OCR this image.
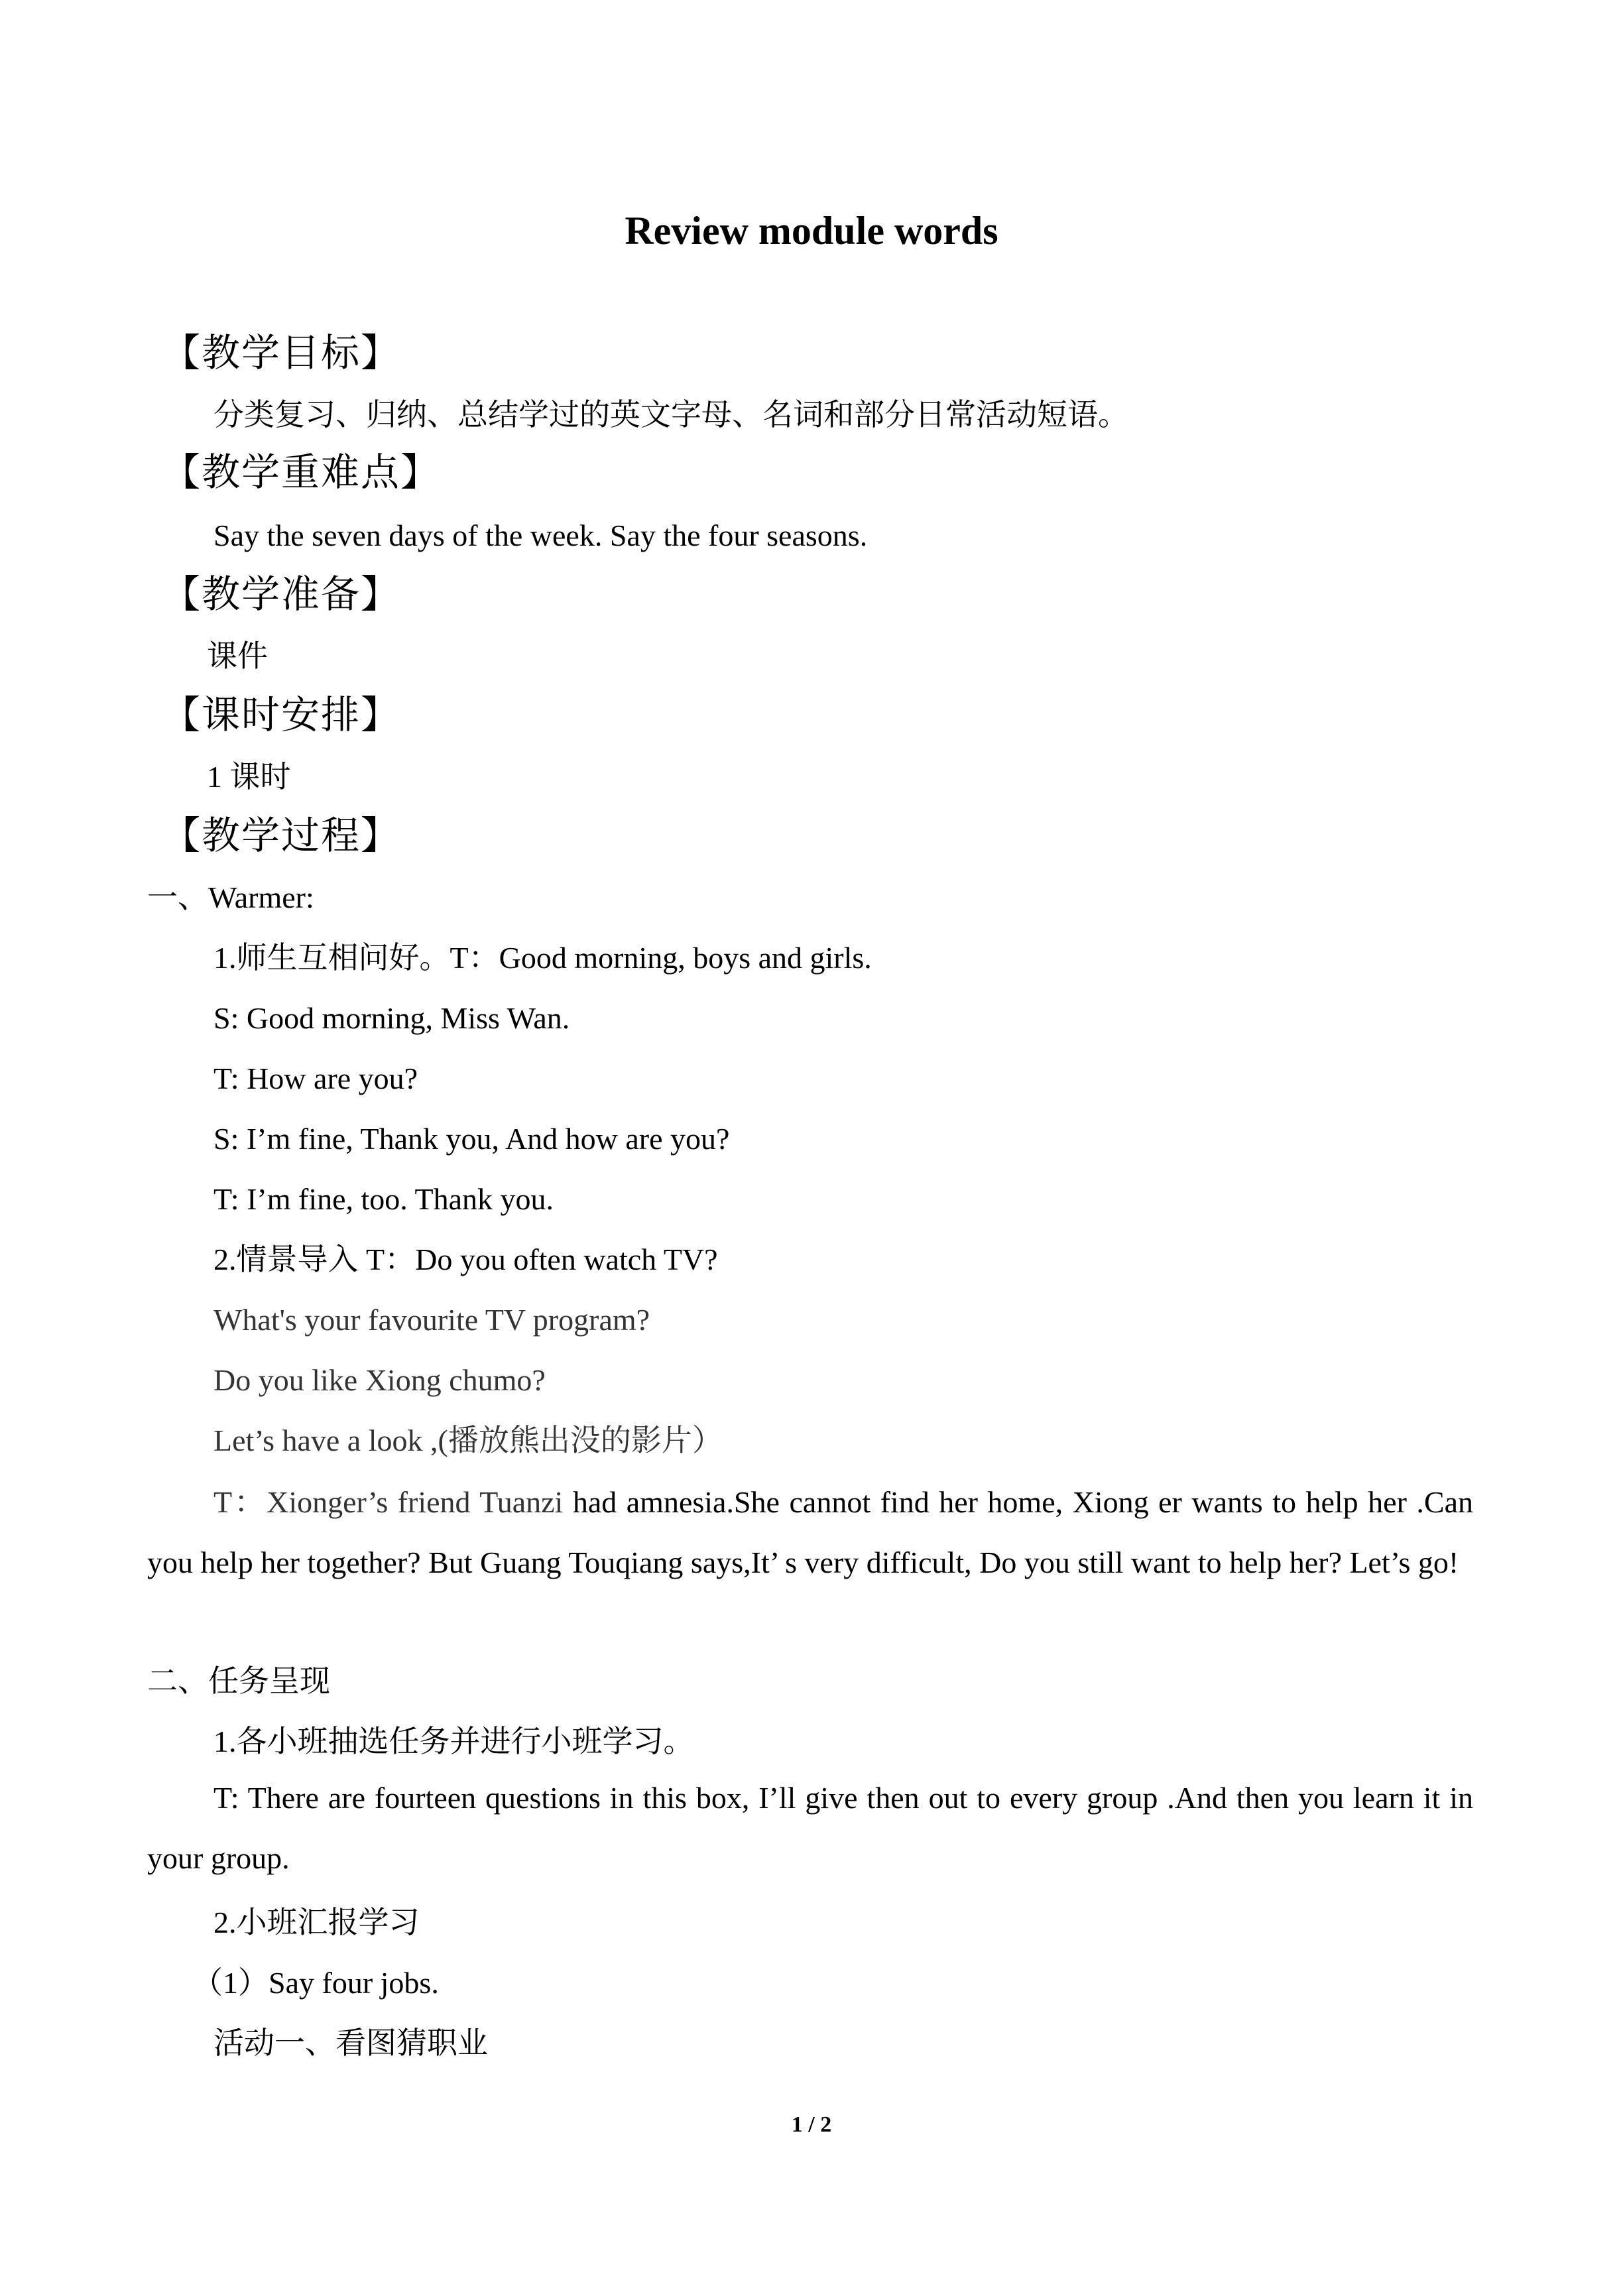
Review module words
【教学目标】
分类复习、归纳、总结学过的英文字母、名词和部分日常活动短语。
【教学重难点】
Say the seven days of the week. Say the four seasons.
【教学准备】
课件
【课时安排】
1 课时
【教学过程】
一、Warmer:
1.师生互相问好。T：Good morning, boys and girls.
S: Good morning, Miss Wan.
T: How are you?
S: I’m fine, Thank you, And how are you?
T: I’m fine, too. Thank you.
2.情景导入 T：Do you often watch TV?
What's your favourite TV program?
Do you like Xiong chumo?
Let’s have a look ,(播放熊出没的影片）
T：Xionger’s friend Tuanzi had amnesia.She cannot find her home, Xiong er wants to help her .Can you help her together? But Guang Touqiang says,It’ s very difficult, Do you still want to help her? Let’s go!
二、任务呈现
1.各小班抽选任务并进行小班学习。
T: There are fourteen questions in this box, I’ll give then out to every group .And then you learn it in your group.
2.小班汇报学习
（1）Say four jobs.
活动一、看图猜职业
1 / 2
